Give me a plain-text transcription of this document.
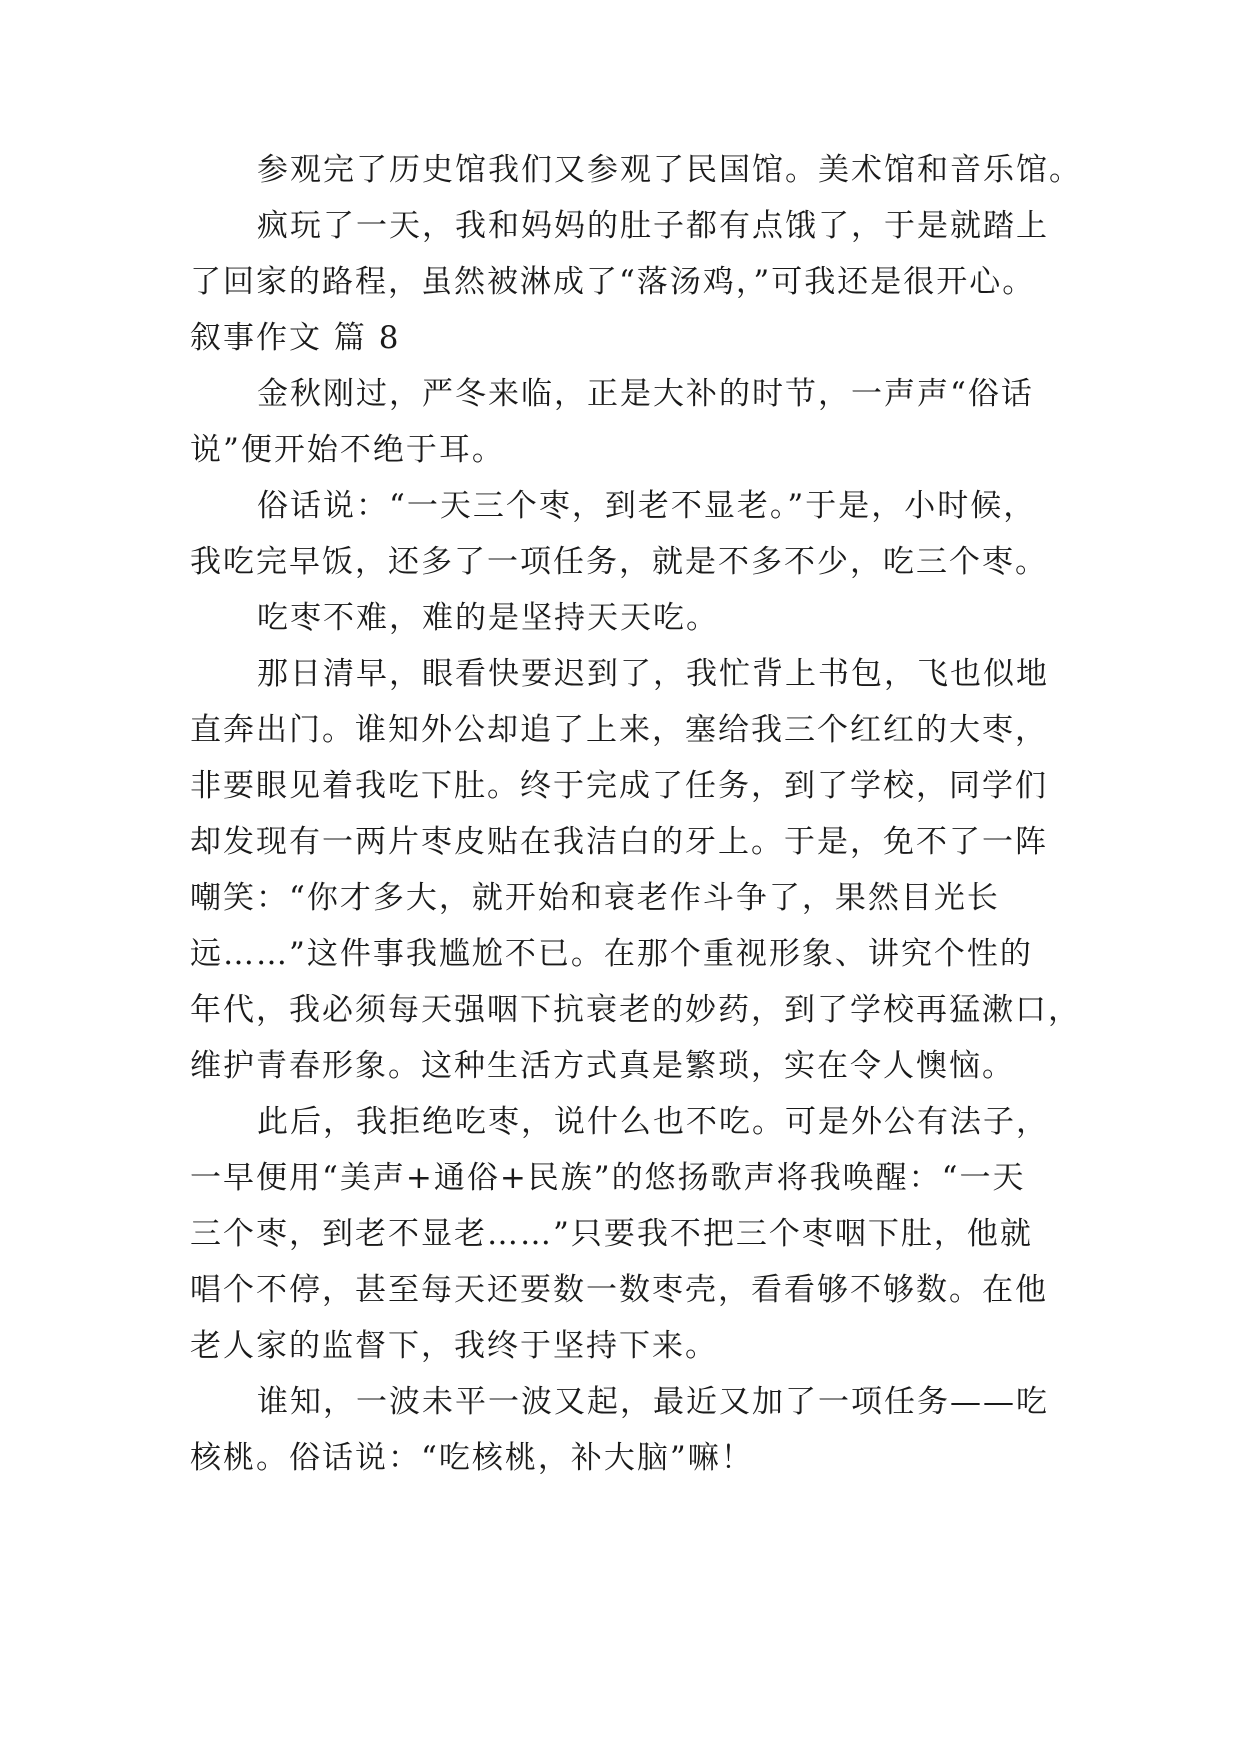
参观完了历史馆我们又参观了民国馆。美术馆和音乐馆。
疯玩了一天，我和妈妈的肚子都有点饿了，于是就踏上
了回家的路程，虽然被淋成了“落汤鸡，”可我还是很开心。
叙事作文 篇 8
金秋刚过，严冬来临，正是大补的时节，一声声“俗话
说”便开始不绝于耳。
俗话说：“一天三个枣，到老不显老。”于是，小时候，
我吃完早饭，还多了一项任务，就是不多不少，吃三个枣。
吃枣不难，难的是坚持天天吃。
那日清早，眼看快要迟到了，我忙背上书包，飞也似地
直奔出门。谁知外公却追了上来，塞给我三个红红的大枣，
非要眼见着我吃下肚。终于完成了任务，到了学校，同学们
却发现有一两片枣皮贴在我洁白的牙上。于是，免不了一阵
嘲笑：“你才多大，就开始和衰老作斗争了，果然目光长
远……”这件事我尴尬不已。在那个重视形象、讲究个性的
年代，我必须每天强咽下抗衰老的妙药，到了学校再猛漱口，
维护青春形象。这种生活方式真是繁琐，实在令人懊恼。
此后，我拒绝吃枣，说什么也不吃。可是外公有法子，
一早便用“美声+通俗+民族”的悠扬歌声将我唤醒：“一天
三个枣，到老不显老……”只要我不把三个枣咽下肚，他就
唱个不停，甚至每天还要数一数枣壳，看看够不够数。在他
老人家的监督下，我终于坚持下来。
谁知，一波未平一波又起，最近又加了一项任务——吃
核桃。俗话说：“吃核桃，补大脑”嘛！
